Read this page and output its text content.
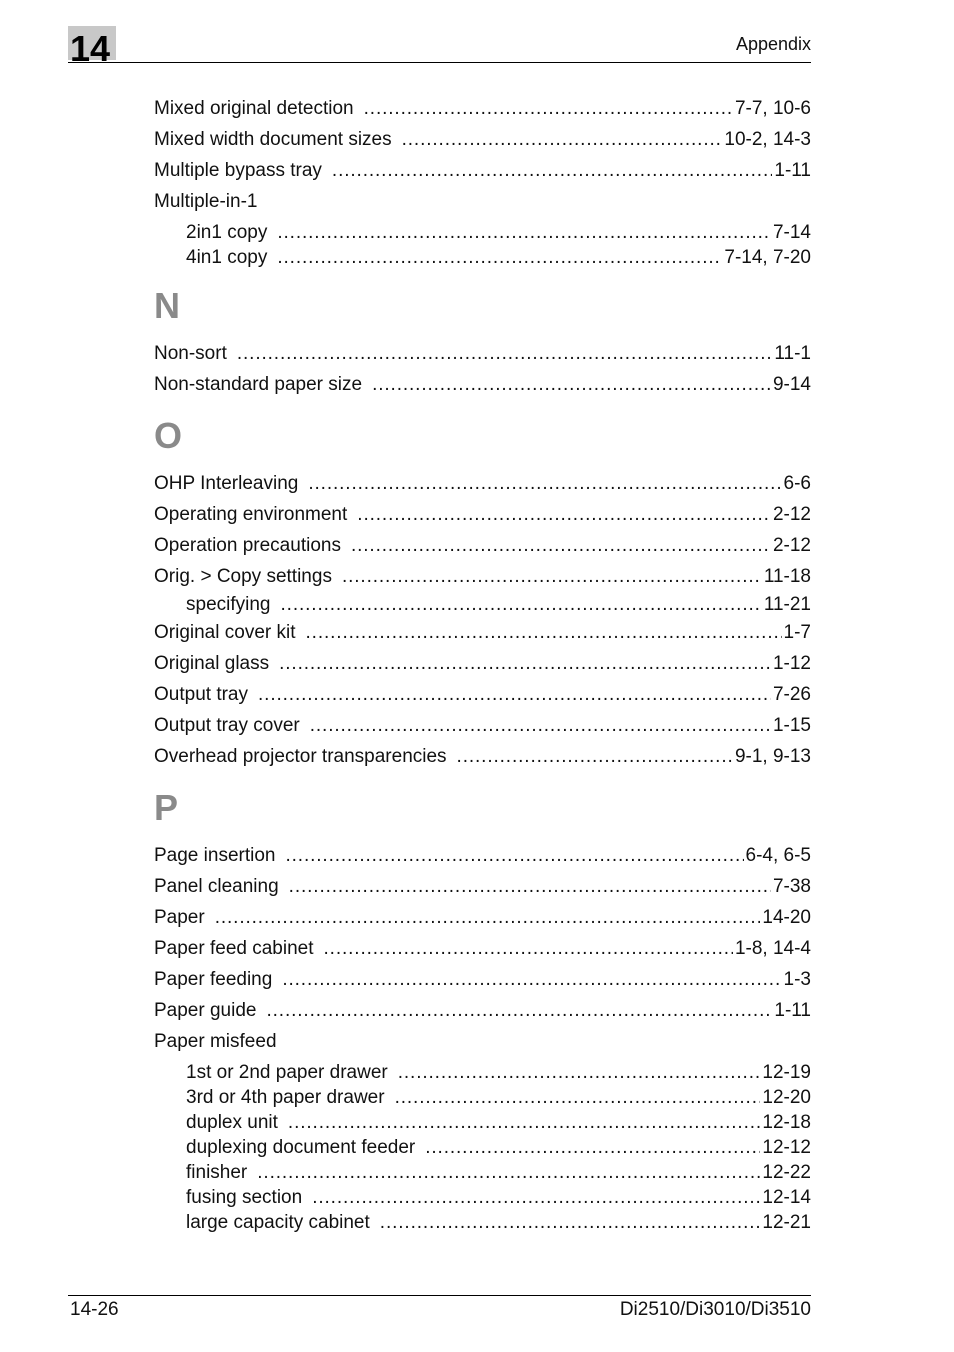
14	Appendix
Mixed original detection . . .	7-7, 10-6
Mixed width document sizes . . .	10-2, 14-3
Multiple bypass tray . . .	1-11
Multiple-in-1
2in1 copy . . .	7-14
4in1 copy . . .	7-14, 7-20
N
Non-sort . . .	11-1
Non-standard paper size . . .	9-14
O
OHP Interleaving . . .	6-6
Operating environment . . .	2-12
Operation precautions . . .	2-12
Orig. > Copy settings . . .	11-18
specifying . . .	11-21
Original cover kit . . .	1-7
Original glass . . .	1-12
Output tray . . .	7-26
Output tray cover . . .	1-15
Overhead projector transparencies . . .	9-1, 9-13
P
Page insertion . . .	6-4, 6-5
Panel cleaning . . .	7-38
Paper . . .	14-20
Paper feed cabinet . . .	1-8, 14-4
Paper feeding . . .	1-3
Paper guide . . .	1-11
Paper misfeed
1st or 2nd paper drawer . . .	12-19
3rd or 4th paper drawer . . .	12-20
duplex unit . . .	12-18
duplexing document feeder . . .	12-12
finisher . . .	12-22
fusing section . . .	12-14
large capacity cabinet . . .	12-21
14-26	Di2510/Di3010/Di3510
